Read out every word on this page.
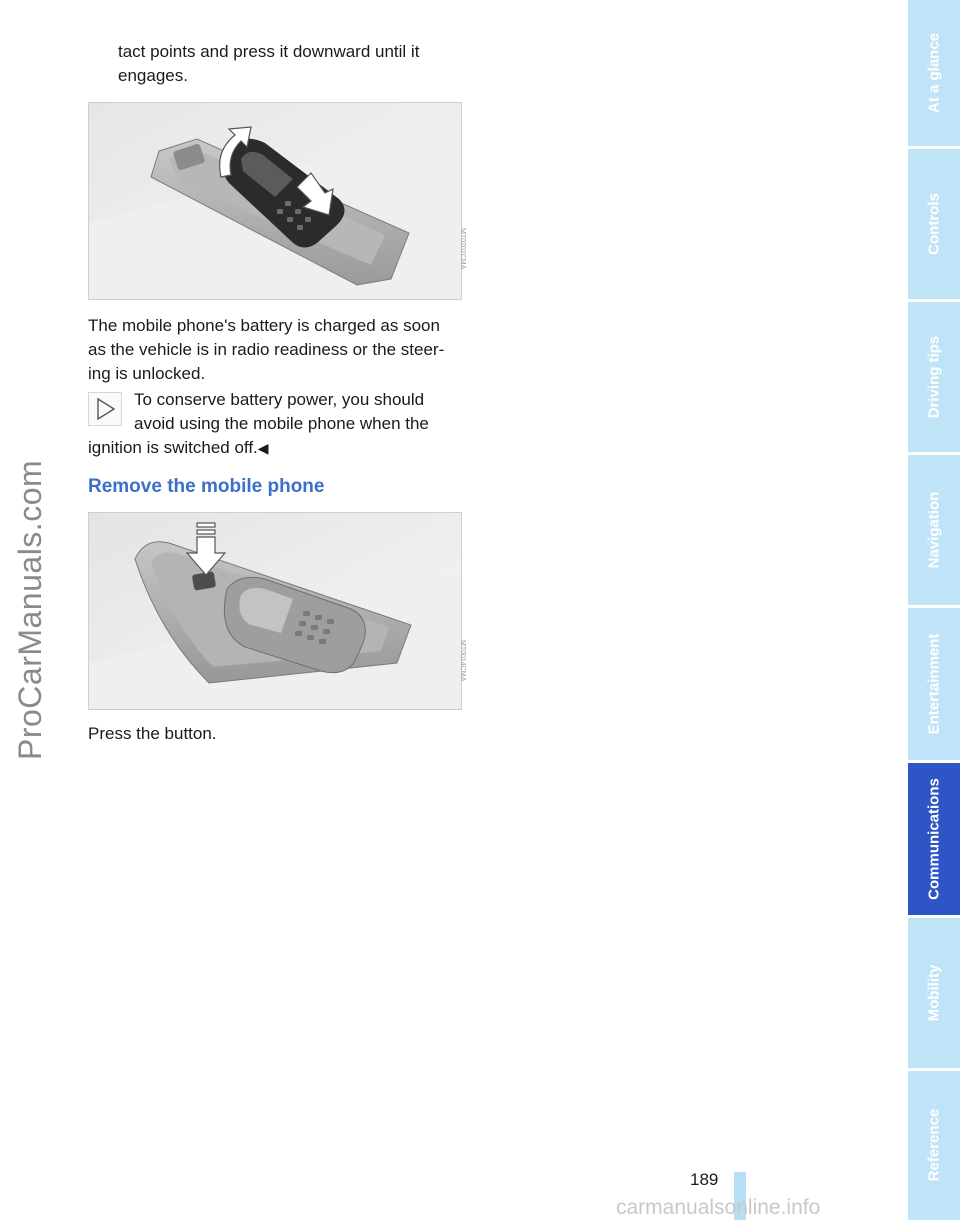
ProCarManuals.com
tact points and press it downward until it
engages.
MT0202CMA
The mobile phone's battery is charged as soon
as the vehicle is in radio readiness or the steer-
ing is unlocked.
To conserve battery power, you should
avoid using the mobile phone when the
ignition is switched off.◀
Remove the mobile phone
MT0014CMA
Press the button.
189
At a glance
Controls
Driving tips
Navigation
Entertainment
Communications
Mobility
Reference
carmanualsonline.info
